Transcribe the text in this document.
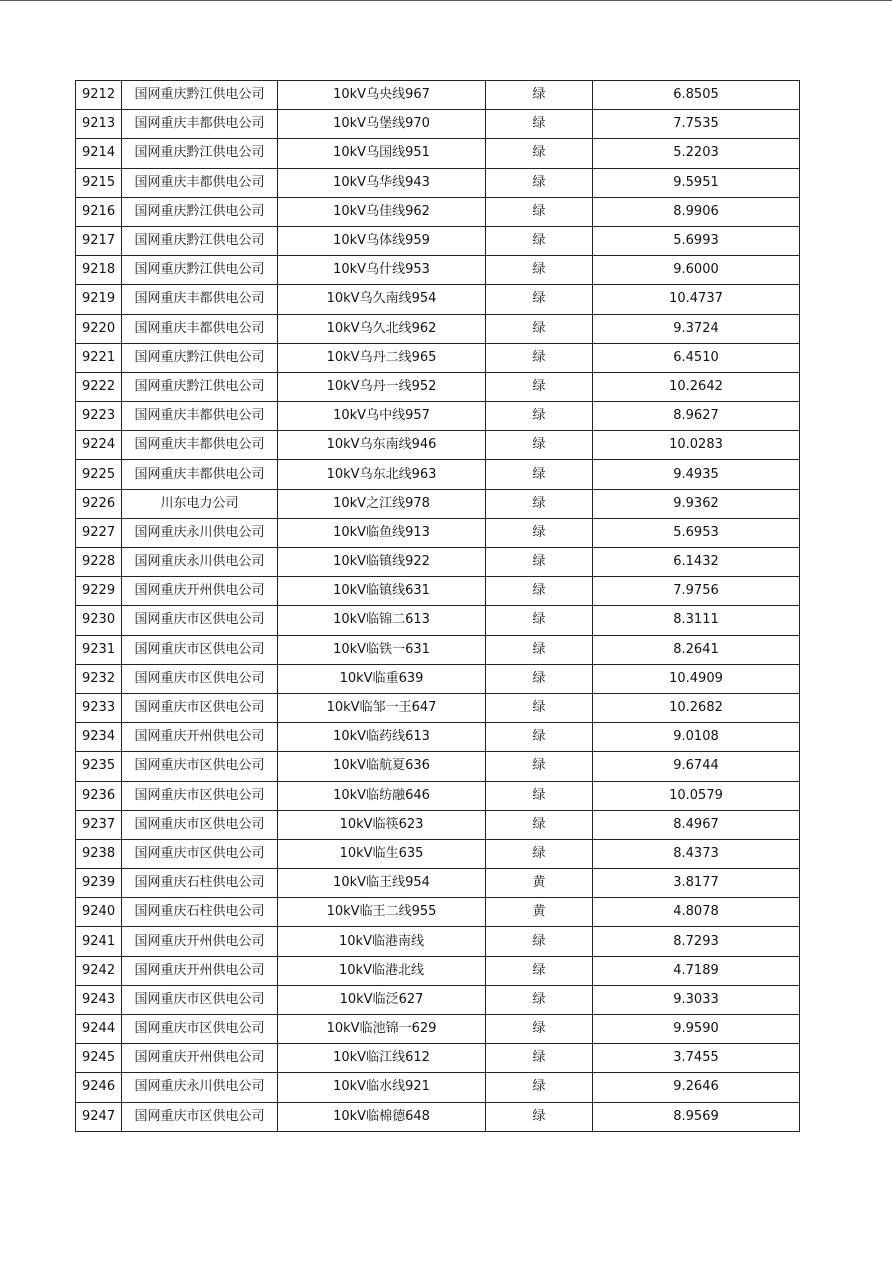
9212	国网重庆黔江供电公司	10kV乌央线967	绿	6.8505
9213	国网重庆丰都供电公司	10kV乌堡线970	绿	7.7535
9214	国网重庆黔江供电公司	10kV乌国线951	绿	5.2203
9215	国网重庆丰都供电公司	10kV乌华线943	绿	9.5951
9216	国网重庆黔江供电公司	10kV乌佳线962	绿	8.9906
9217	国网重庆黔江供电公司	10kV乌体线959	绿	5.6993
9218	国网重庆黔江供电公司	10kV乌什线953	绿	9.6000
9219	国网重庆丰都供电公司	10kV乌久南线954	绿	10.4737
9220	国网重庆丰都供电公司	10kV乌久北线962	绿	9.3724
9221	国网重庆黔江供电公司	10kV乌丹二线965	绿	6.4510
9222	国网重庆黔江供电公司	10kV乌丹一线952	绿	10.2642
9223	国网重庆丰都供电公司	10kV乌中线957	绿	8.9627
9224	国网重庆丰都供电公司	10kV乌东南线946	绿	10.0283
9225	国网重庆丰都供电公司	10kV乌东北线963	绿	9.4935
9226	川东电力公司	10kV之江线978	绿	9.9362
9227	国网重庆永川供电公司	10kV临鱼线913	绿	5.6953
9228	国网重庆永川供电公司	10kV临镇线922	绿	6.1432
9229	国网重庆开州供电公司	10kV临镇线631	绿	7.9756
9230	国网重庆市区供电公司	10kV临锦二613	绿	8.3111
9231	国网重庆市区供电公司	10kV临铁一631	绿	8.2641
9232	国网重庆市区供电公司	10kV临重639	绿	10.4909
9233	国网重庆市区供电公司	10kV临邹一王647	绿	10.2682
9234	国网重庆开州供电公司	10kV临药线613	绿	9.0108
9235	国网重庆市区供电公司	10kV临航夏636	绿	9.6744
9236	国网重庆市区供电公司	10kV临纺融646	绿	10.0579
9237	国网重庆市区供电公司	10kV临筷623	绿	8.4967
9238	国网重庆市区供电公司	10kV临生635	绿	8.4373
9239	国网重庆石柱供电公司	10kV临王线954	黄	3.8177
9240	国网重庆石柱供电公司	10kV临王二线955	黄	4.8078
9241	国网重庆开州供电公司	10kV临港南线	绿	8.7293
9242	国网重庆开州供电公司	10kV临港北线	绿	4.7189
9243	国网重庆市区供电公司	10kV临泛627	绿	9.3033
9244	国网重庆市区供电公司	10kV临池锦一629	绿	9.9590
9245	国网重庆开州供电公司	10kV临江线612	绿	3.7455
9246	国网重庆永川供电公司	10kV临水线921	绿	9.2646
9247	国网重庆市区供电公司	10kV临棉德648	绿	8.9569
